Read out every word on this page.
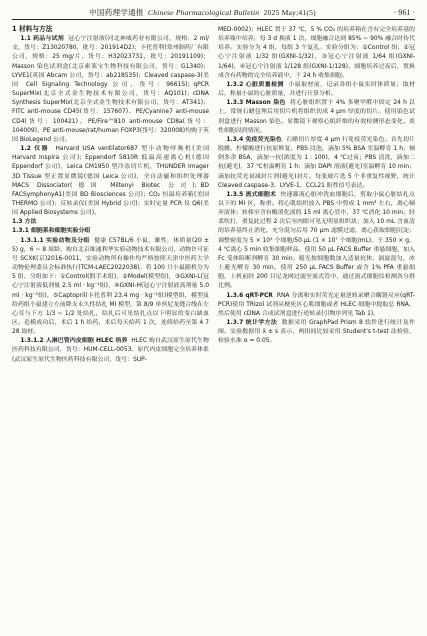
中国药理学通报 Chinese Pharmacological Bulletin 2025 May;41(5)	· 961 ·

1 材料与方法

1.1 药品与试剂 冠心宁注射液(河北神威药业有限公司，规格：2 ml/支，货号：Z13020780，批号：201914D2)；卡托普利(常州制药厂有限公司，规格：25 mg/片，货号：H32023731，批号：20191109)；Masson 染色试剂盒(北京索莱宝生物科技有限公司，货号：G1340)；LYVE1(英国 Abcam 公司，货号：ab218535)；Cleaved caspase-3(美国 Cell Signaling Technology 公司，货号：9661S)；qPCR SuperMix(北京全式金生物技术有限公司，货号：AQ101)；cDNA Synthesis SuperMix(北京全式金生物技术有限公司，货号：AT341)；FITC anti-mouse CD45(货号：157607)、PE/Cyanine7 anti-mouse CD4(货号：100421)、PE/Fire™810 anti-mouse CD8a(货号：104009)、PE anti-mouse/rat/human FOXP3(货号：320008)均购于英国 BioLegend 公司。

1.2 仪器 Harvard USA ventilator687 型小动物呼吸机(美国 Harvard Inspira 公司)；Eppendorf 5810R 低温高速离心机(德国 Eppendorf 公司)，Leica CM1950 型冷冻切片机，THUNDER Imager 3D Tissue 型正置显微镜(德国 Leica 公司)，全自动磁和组织处理器 MACS Dissociator(德国 Miltenyi Biotec 公司)；BD FACSymphonyA1(美国 BD Biosciences 公司)；CO₂ 恒温培养箱(美国 THERMO 公司)；反转录仪(美国 Hybrid 公司)；实时定量 PCR 仪 Q6(美国 Applied Biosystems 公司)。

1.3 方法

1.3.1 细胞系和细胞实验分组

1.3.1.1 实验动物及分组 健康 C57BL/6 小鼠，雄性，体质量(20 ± 5) g，6 ~ 8 周龄，购自北京维通利华实验动物技术有限公司，动物许可证号 SCXK(京)2016-0011，实验动物所有操作均严格按照天津中医药大学动物伦理委员会标准执行(TCM-LAEC2022038)。将 100 只小鼠随机分为 5 组，分组如下：①Control(假手术组)，②Model(模型组)，③GXNI-L(冠心宁注射液低剂量 2.5 ml · kg⁻¹组)，④GXNI-H(冠心宁注射液高剂量 5.0 ml · kg⁻¹组)，⑤Captopril(卡托普利 23.4 mg · kg⁻¹组)模型组，模型及给药组小鼠建立左前降支永久性结扎 MI 模型，第 8/9 单丝尼龙缝合线在左心耳与下方 1/3 ~ 1/2 处结扎，结扎后可见结扎点以下明显的变白缺血区。造模成功后，术后 1 h 给药，术后每天给药 1 次，连续给药至第 4 7 28 取材。

1.3.1.2 人淋巴管内皮细胞 HLEC 培养 HLEC 购自武汉原生原代生物医药科技有限公司，货号：HUM-CELL-0053。原代内皮细胞完全培养体系(武汉原生原代生物医药科技有限公司，货号：SUP-

MED-0002)；HLEC 置于 37 ℃，5 % CO₂ 的培养箱在含有完全培养基的培养瓶中培养，每 3 d 换液 1 次，细胞融合达到 85% ~ 90% 融合时传代培养。实验分为 4 组，每组 3 个复孔。实验分组为：①Control 组；②冠心宁注射液 1/32 组(GXNI-1/32)，③冠心宁注射液 1/64 组(GXNI-1/64)，④冠心宁注射液 1/128 组(GXNI-1/128)。细胞培养过夜后，置换成含有药物的完全培养液中，于 24 h 收集细胞。

1.3.2 心脏质量检测 小鼠取材前，记录各组小鼠实时体质量；取材后，称量小鼠的心脏质量，并进行计算分析。

1.3.3 Masson 染色 将心脏组织置于 4% 多聚甲醛中固定 24 h 以上，常规石蜡包埋后用切片机将组织切成 4 μm 厚度的切片。使用染色试剂盒进行 Masson 染色。显微镜下观察心肌纤维的有效检测形态变化、炎性细胞浸润情况。

1.3.4 免疫荧光染色 石蜡切片厚度 4 μm 行免疫荧光染色。首先切片脱蜡，柠檬酸进行抗原修复，PBS 浸泡，滴加 5% BSA 室温孵育 1 h；倾倒多余 BSA，滴加一抗(浓度为 1 : 100)，4 ℃过夜；PBS 清洗，滴加二抗(避光)，37 ℃恒温孵育 1 h；滴加 DAPI 溶液(避光)室温孵育 10 min；滴加抗荧光衰减封片剂(避光)封片。每张玻片选 5 个非重复性视野，统计 Cleaved caspase-3、LYVE-1、CCL21 阳性信号表达。

1.3.5 流式细胞术 快速灌流心脏冲洗血细胞后，剪取小鼠心脏结扎点以下的 MI 区，称重。将心肌组织放入 PBS 中剪成 1 mm³ 左右，离心倾弃液体；转移至含有酶消化液的 15 ml 离心管中，37 ℃消化 10 min，轻柔吹打，重复此过程 2 次后至肉眼可见无明显组织块；加入 10 mL 含血清的培养基终止消化，充分混匀后用 70 μm 滤膜过滤，离心获取细胞沉淀；调整密度为 5 × 10⁵ 个细胞/50 μL (1 × 10⁷ 个细胞/mL)，于 350 × g，4 ℃离心 5 min 收集细胞样品。使用 50 μL FACS Buffer 重悬细胞，加入 Fc 受体阻断剂孵育 30 min；避光按细胞数加入适量抗体，涡旋混匀，冰上避光孵育 30 min。使用 250 μL FACS Buffer 或含 1% PFA 重悬细胞，上机前经 200 目尼龙网过滤至流式管中，通过流式细胞仪检测各分群比例。

1.3.6 qRT-PCR RNA 分离和实时荧光定量逆转录聚合酶链反应(qRT-PCR)使用 TRIzol 试剂从梗死区心肌细胞或者 HLEC 细胞中提取总 RNA，然后使用 cDNA 合成试剂盒进行逆转录(引物序列见 Tab 1)。

1.3.7 统计学方法 数据采用 GraphPad Prism 8 软件进行统计及作图。实验数据用 x̄ ± s 表示，两组间比较采用 Student's t-test 法检验，检验水准 α = 0.05。
